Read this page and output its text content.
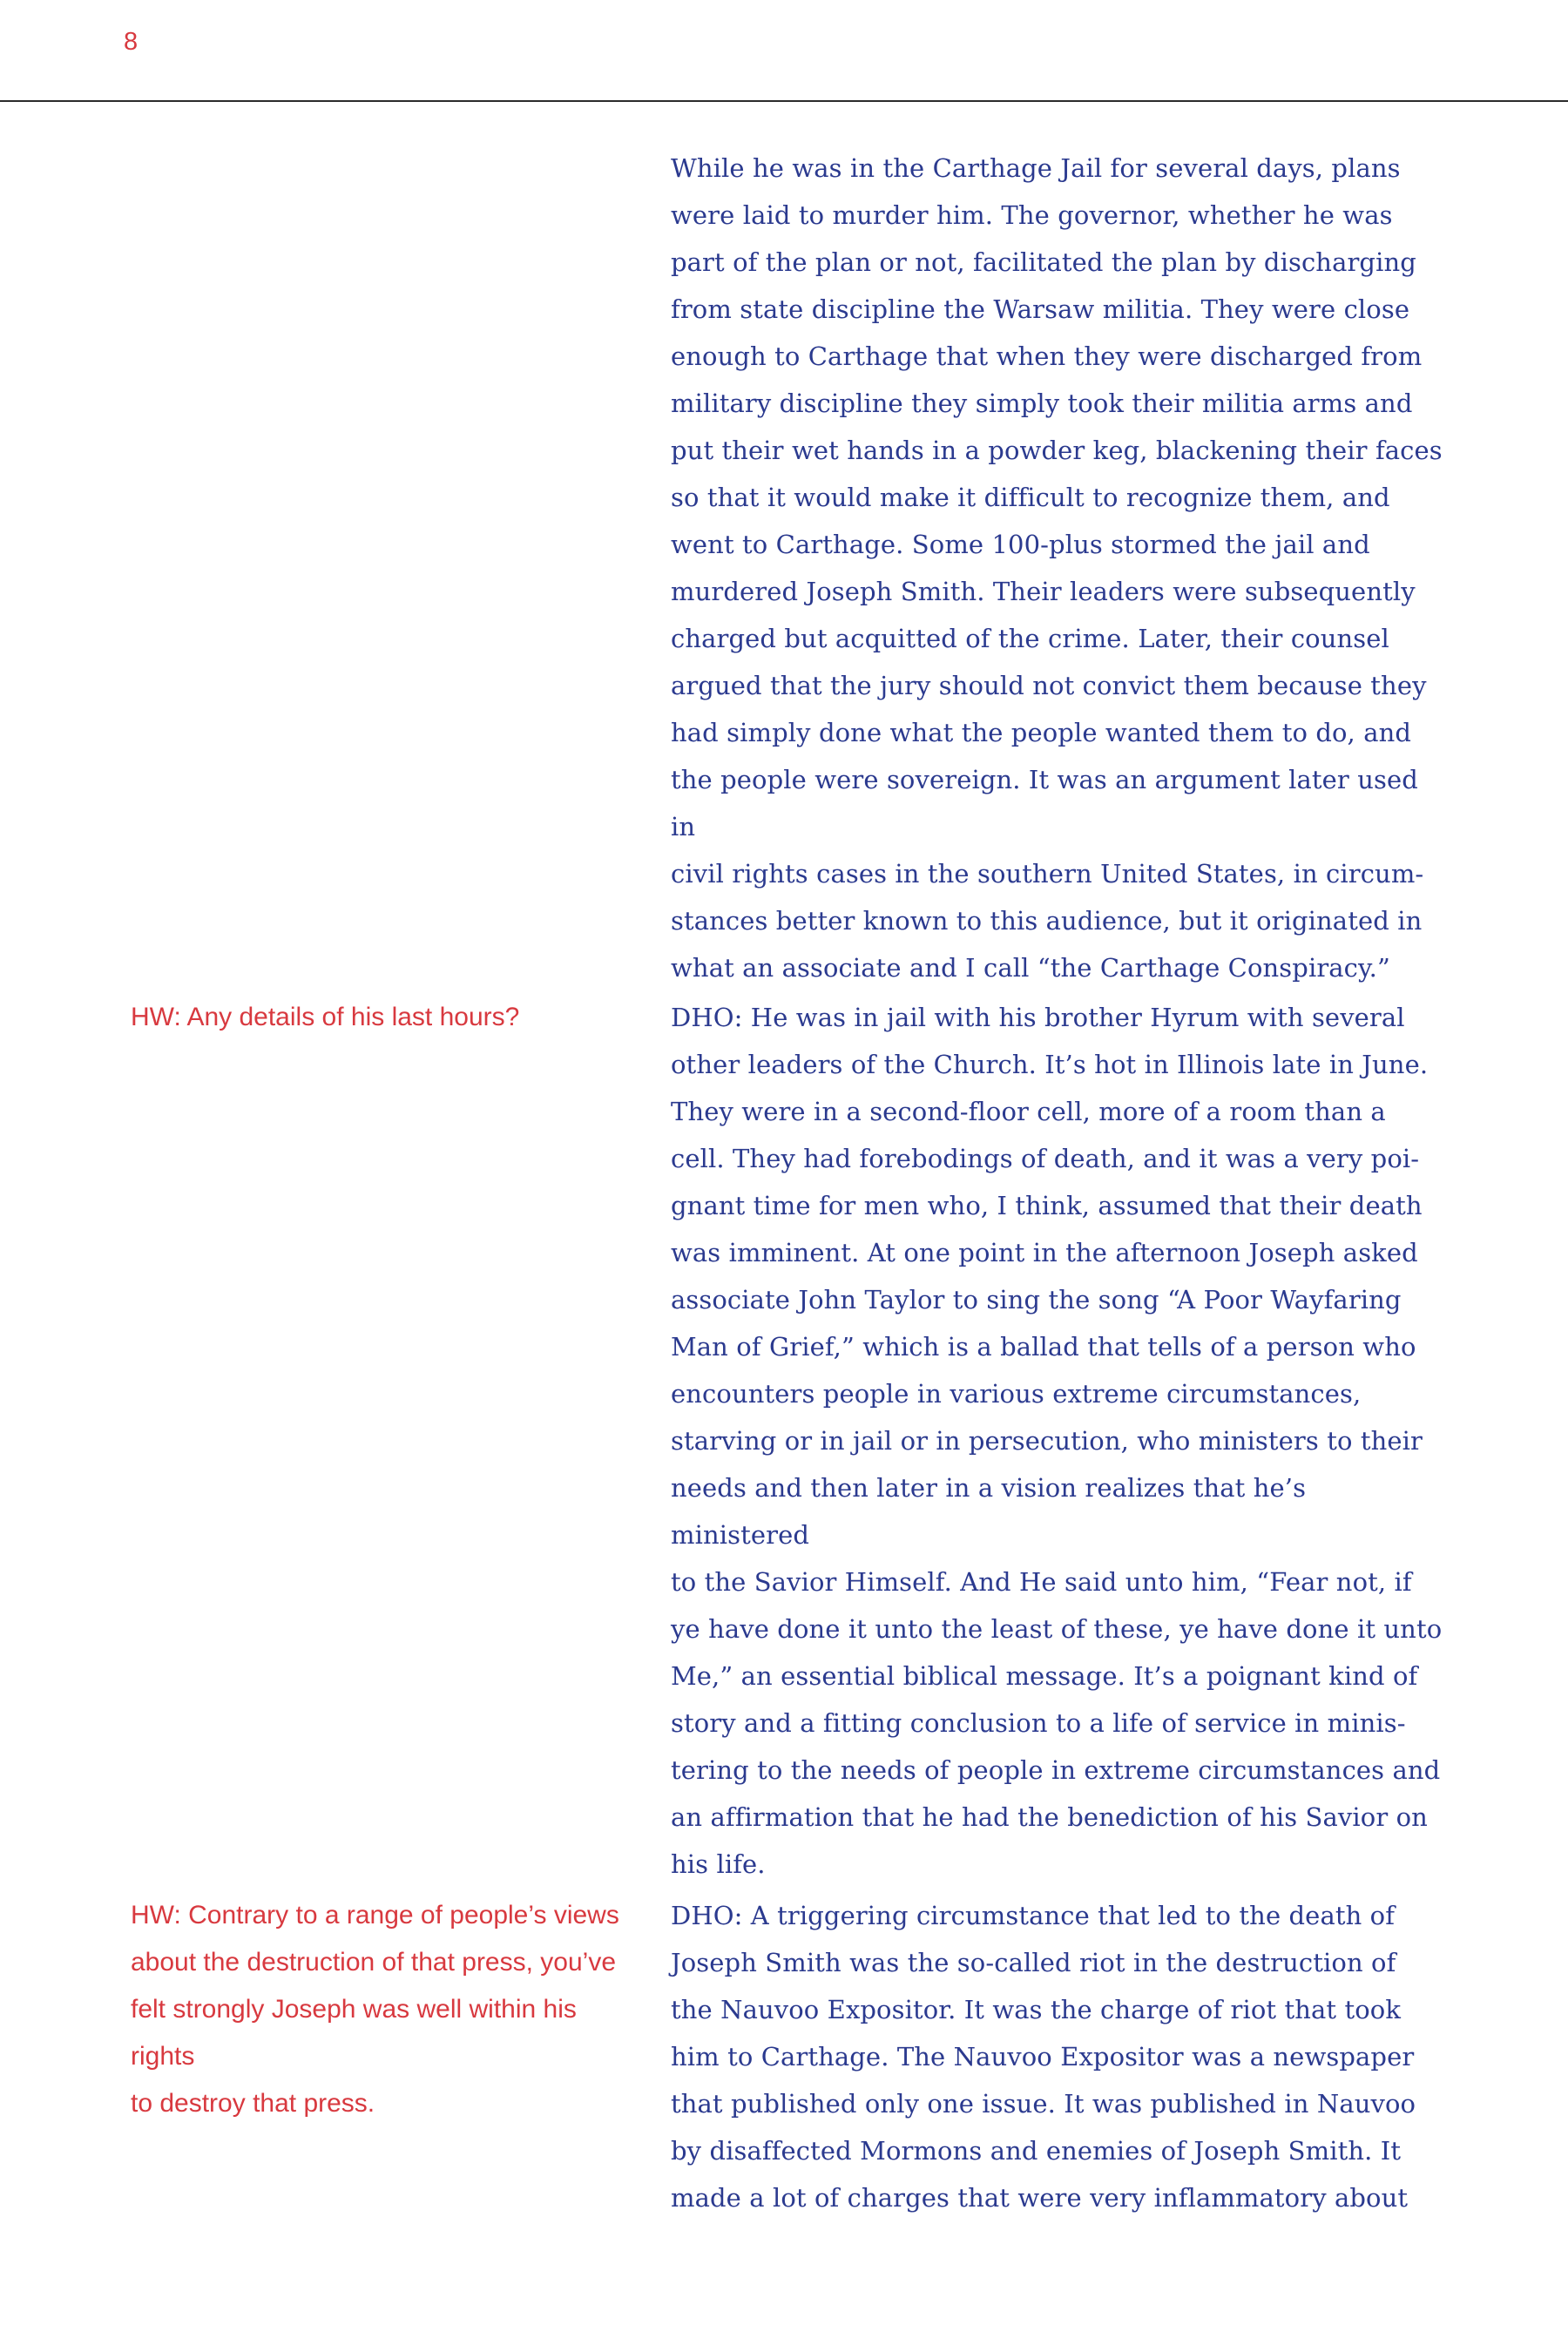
8
While he was in the Carthage Jail for several days, plans
were laid to murder him. The governor, whether he was
part of the plan or not, facilitated the plan by discharging
from state discipline the Warsaw militia. They were close
enough to Carthage that when they were discharged from
military discipline they simply took their militia arms and
put their wet hands in a powder keg, blackening their faces
so that it would make it difficult to recognize them, and
went to Carthage. Some 100-plus stormed the jail and
murdered Joseph Smith. Their leaders were subsequently
charged but acquitted of the crime. Later, their counsel
argued that the jury should not convict them because they
had simply done what the people wanted them to do, and
the people were sovereign. It was an argument later used in
civil rights cases in the southern United States, in circum-
stances better known to this audience, but it originated in
what an associate and I call “the Carthage Conspiracy.”
HW: Any details of his last hours?	DHO: He was in jail with his brother Hyrum with several
other leaders of the Church. It’s hot in Illinois late in June.
They were in a second-floor cell, more of a room than a
cell. They had forebodings of death, and it was a very poi-
gnant time for men who, I think, assumed that their death
was imminent. At one point in the afternoon Joseph asked
associate John Taylor to sing the song “A Poor Wayfaring
Man of Grief,” which is a ballad that tells of a person who
encounters people in various extreme circumstances,
starving or in jail or in persecution, who ministers to their
needs and then later in a vision realizes that he’s ministered
to the Savior Himself. And He said unto him, “Fear not, if
ye have done it unto the least of these, ye have done it unto
Me,” an essential biblical message. It’s a poignant kind of
story and a fitting conclusion to a life of service in minis-
tering to the needs of people in extreme circumstances and
an affirmation that he had the benediction of his Savior on
his life.
HW: Contrary to a range of people’s views
about the destruction of that press, you’ve
felt strongly Joseph was well within his rights
to destroy that press.
DHO: A triggering circumstance that led to the death of
Joseph Smith was the so-called riot in the destruction of
the Nauvoo Expositor. It was the charge of riot that took
him to Carthage. The Nauvoo Expositor was a newspaper
that published only one issue. It was published in Nauvoo
by disaffected Mormons and enemies of Joseph Smith. It
made a lot of charges that were very inflammatory about
